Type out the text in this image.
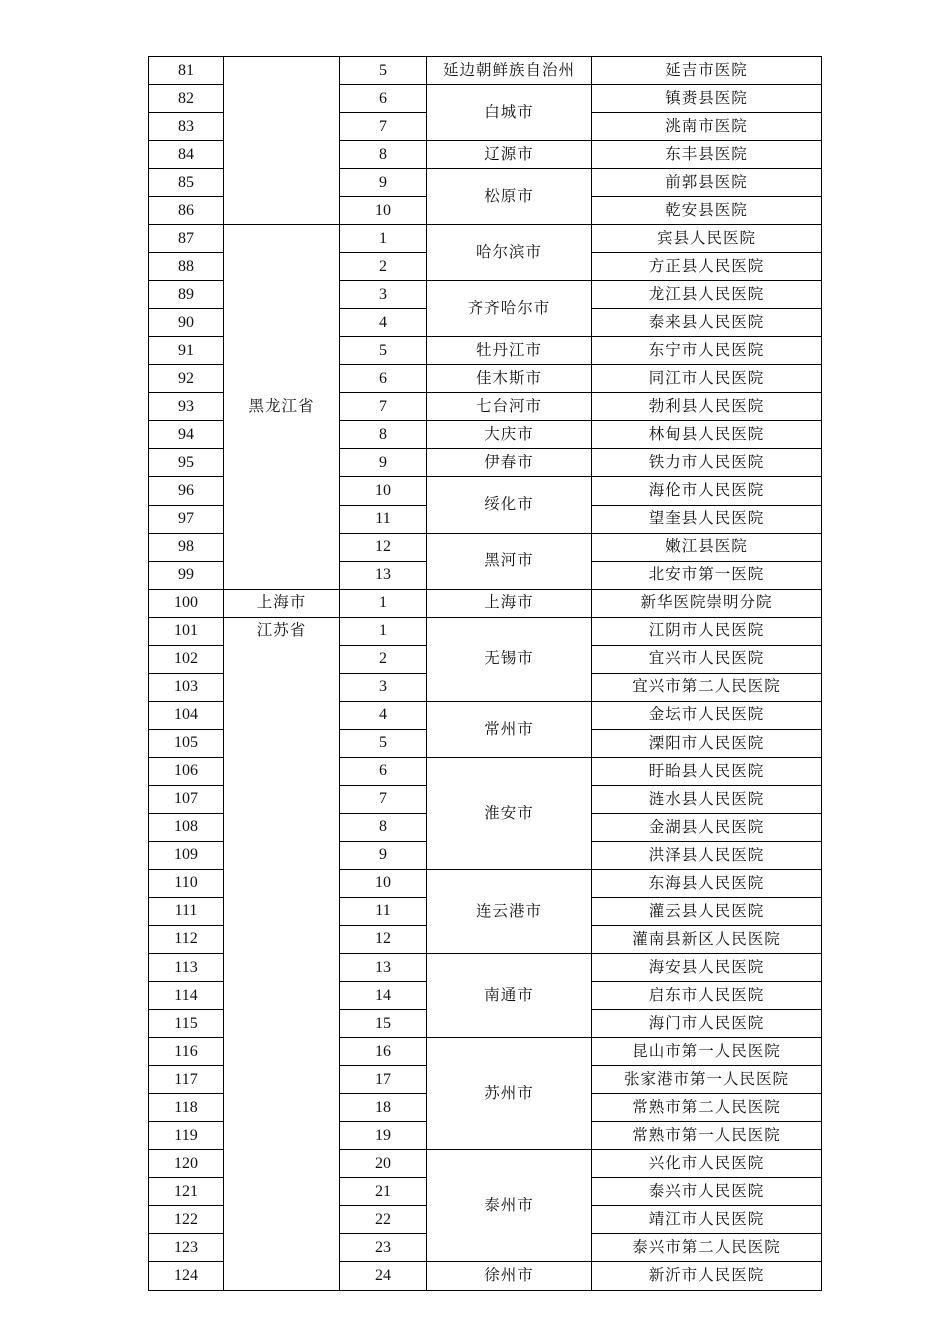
81		5	延边朝鲜族自治州	延吉市医院
82		6	白城市	镇赉县医院
83		7		洮南市医院
84		8	辽源市	东丰县医院
85		9	松原市	前郭县医院
86		10		乾安县医院
87	黑龙江省	1	哈尔滨市	宾县人民医院
88		2		方正县人民医院
89		3	齐齐哈尔市	龙江县人民医院
90		4		泰来县人民医院
91		5	牡丹江市	东宁市人民医院
92		6	佳木斯市	同江市人民医院
93		7	七台河市	勃利县人民医院
94		8	大庆市	林甸县人民医院
95		9	伊春市	铁力市人民医院
96		10	绥化市	海伦市人民医院
97		11		望奎县人民医院
98		12	黑河市	嫩江县医院
99		13		北安市第一医院
100	上海市	1	上海市	新华医院崇明分院
101	江苏省	1	无锡市	江阴市人民医院
102		2		宜兴市人民医院
103		3		宜兴市第二人民医院
104		4	常州市	金坛市人民医院
105		5		溧阳市人民医院
106		6	淮安市	盱眙县人民医院
107		7		涟水县人民医院
108		8		金湖县人民医院
109		9		洪泽县人民医院
110		10	连云港市	东海县人民医院
111		11		灌云县人民医院
112		12		灌南县新区人民医院
113		13	南通市	海安县人民医院
114		14		启东市人民医院
115		15		海门市人民医院
116		16	苏州市	昆山市第一人民医院
117		17		张家港市第一人民医院
118		18		常熟市第二人民医院
119		19		常熟市第一人民医院
120		20	泰州市	兴化市人民医院
121		21		泰兴市人民医院
122		22		靖江市人民医院
123		23		泰兴市第二人民医院
124		24	徐州市	新沂市人民医院
